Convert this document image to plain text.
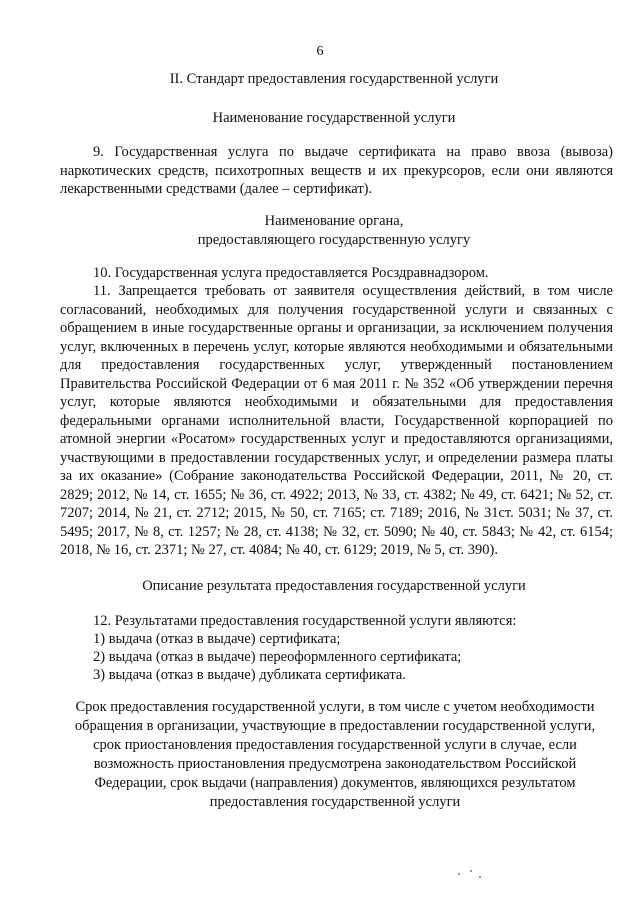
6
II. Стандарт предоставления государственной услуги
Наименование государственной услуги

9. Государственная услуга по выдаче сертификата на право ввоза (вывоза) наркотических средств, психотропных веществ и их прекурсоров, если они являются лекарственными средствами (далее – сертификат).

Наименование органа,
предоставляющего государственную услугу
10. Государственная услуга предоставляется Росздравнадзором.

11. Запрещается требовать от заявителя осуществления действий, в том числе согласований, необходимых для получения государственной услуги и связанных с обращением в иные государственные органы и организации, за исключением получения услуг, включенных в перечень услуг, которые являются необходимыми и обязательными для предоставления государственных услуг, утвержденный постановлением Правительства Российской Федерации от 6 мая 2011 г. № 352 «Об утверждении перечня услуг, которые являются необходимыми и обязательными для предоставления федеральными органами исполнительной власти, Государственной корпорацией по атомной энергии «Росатом» государственных услуг и предоставляются организациями, участвующими в предоставлении государственных услуг, и определении размера платы за их оказание» (Собрание законодательства Российской Федерации, 2011, № 20, ст. 2829; 2012, № 14, ст. 1655; № 36, ст. 4922; 2013, № 33, ст. 4382; № 49, ст. 6421; № 52, ст. 7207; 2014, № 21, ст. 2712; 2015, № 50, ст. 7165; ст. 7189; 2016, № 31ст. 5031; № 37, ст. 5495; 2017, № 8, ст. 1257; № 28, ст. 4138; № 32, ст. 5090; № 40, ст. 5843; № 42, ст. 6154; 2018, № 16, ст. 2371; № 27, ст. 4084; № 40, ст. 6129; 2019, № 5, ст. 390).

Описание результата предоставления государственной услуги
12. Результатами предоставления государственной услуги являются:
1) выдача (отказ в выдаче) сертификата;
2) выдача (отказ в выдаче) переоформленного сертификата;
3) выдача (отказ в выдаче) дубликата сертификата.
Срок предоставления государственной услуги, в том числе с учетом необходимости
обращения в организации, участвующие в предоставлении государственной услуги,
срок приостановления предоставления государственной услуги в случае, если
возможность приостановления предусмотрена законодательством Российской
Федерации, срок выдачи (направления) документов, являющихся результатом
предоставления государственной услуги
